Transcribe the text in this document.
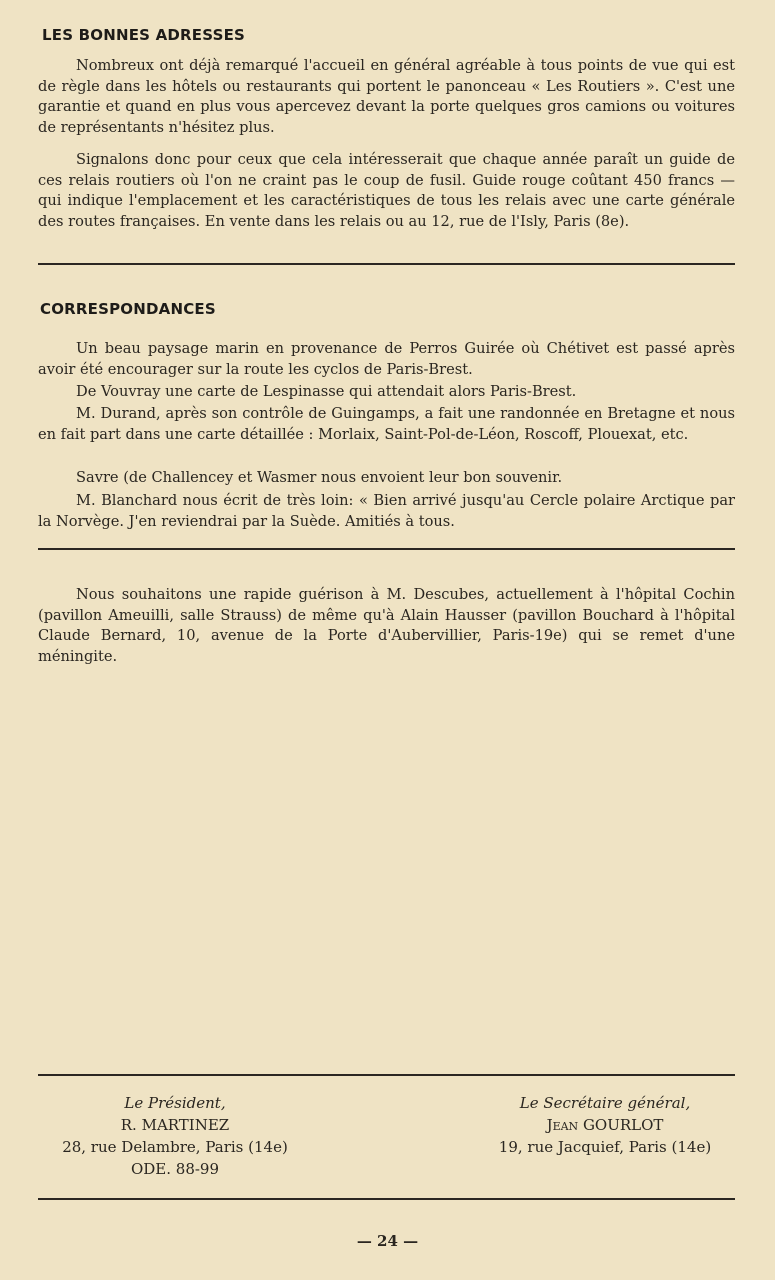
LES BONNES ADRESSES

Nombreux ont déjà remarqué l'accueil en général agréable à tous points de vue qui est de règle dans les hôtels ou restaurants qui portent le panonceau « Les Routiers ». C'est une garantie et quand en plus vous apercevez devant la porte quelques gros camions ou voitures de représentants n'hésitez plus.

Signalons donc pour ceux que cela intéresserait que chaque année paraît un guide de ces relais routiers où l'on ne craint pas le coup de fusil. Guide rouge coûtant 450 francs — qui indique l'emplacement et les caractéristiques de tous les relais avec une carte générale des routes françaises. En vente dans les relais ou au 12, rue de l'Isly, Paris (8e).

CORRESPONDANCES

Un beau paysage marin en provenance de Perros Guirée où Chétivet est passé après avoir été encourager sur la route les cyclos de Paris-Brest.

De Vouvray une carte de Lespinasse qui attendait alors Paris-Brest.

M. Durand, après son contrôle de Guingamps, a fait une randonnée en Bretagne et nous en fait part dans une carte détaillée : Morlaix, Saint-Pol-de-Léon, Roscoff, Plouexat, etc.

Savre (de Challencey et Wasmer nous envoient leur bon souvenir.

M. Blanchard nous écrit de très loin: « Bien arrivé jusqu'au Cercle polaire Arctique par la Norvège. J'en reviendrai par la Suède. Amitiés à tous.

Nous souhaitons une rapide guérison à M. Descubes, actuellement à l'hôpital Cochin (pavillon Ameuilli, salle Strauss) de même qu'à Alain Hausser (pavillon Bouchard à l'hôpital Claude Bernard, 10, avenue de la Porte d'Aubervillier, Paris-19e) qui se remet d'une méningite.

Le Président,
R. MARTINEZ
28, rue Delambre, Paris (14e)
ODE. 88-99
Le Secrétaire général,
Jean GOURLOT
19, rue Jacquief, Paris (14e)
— 24 —
